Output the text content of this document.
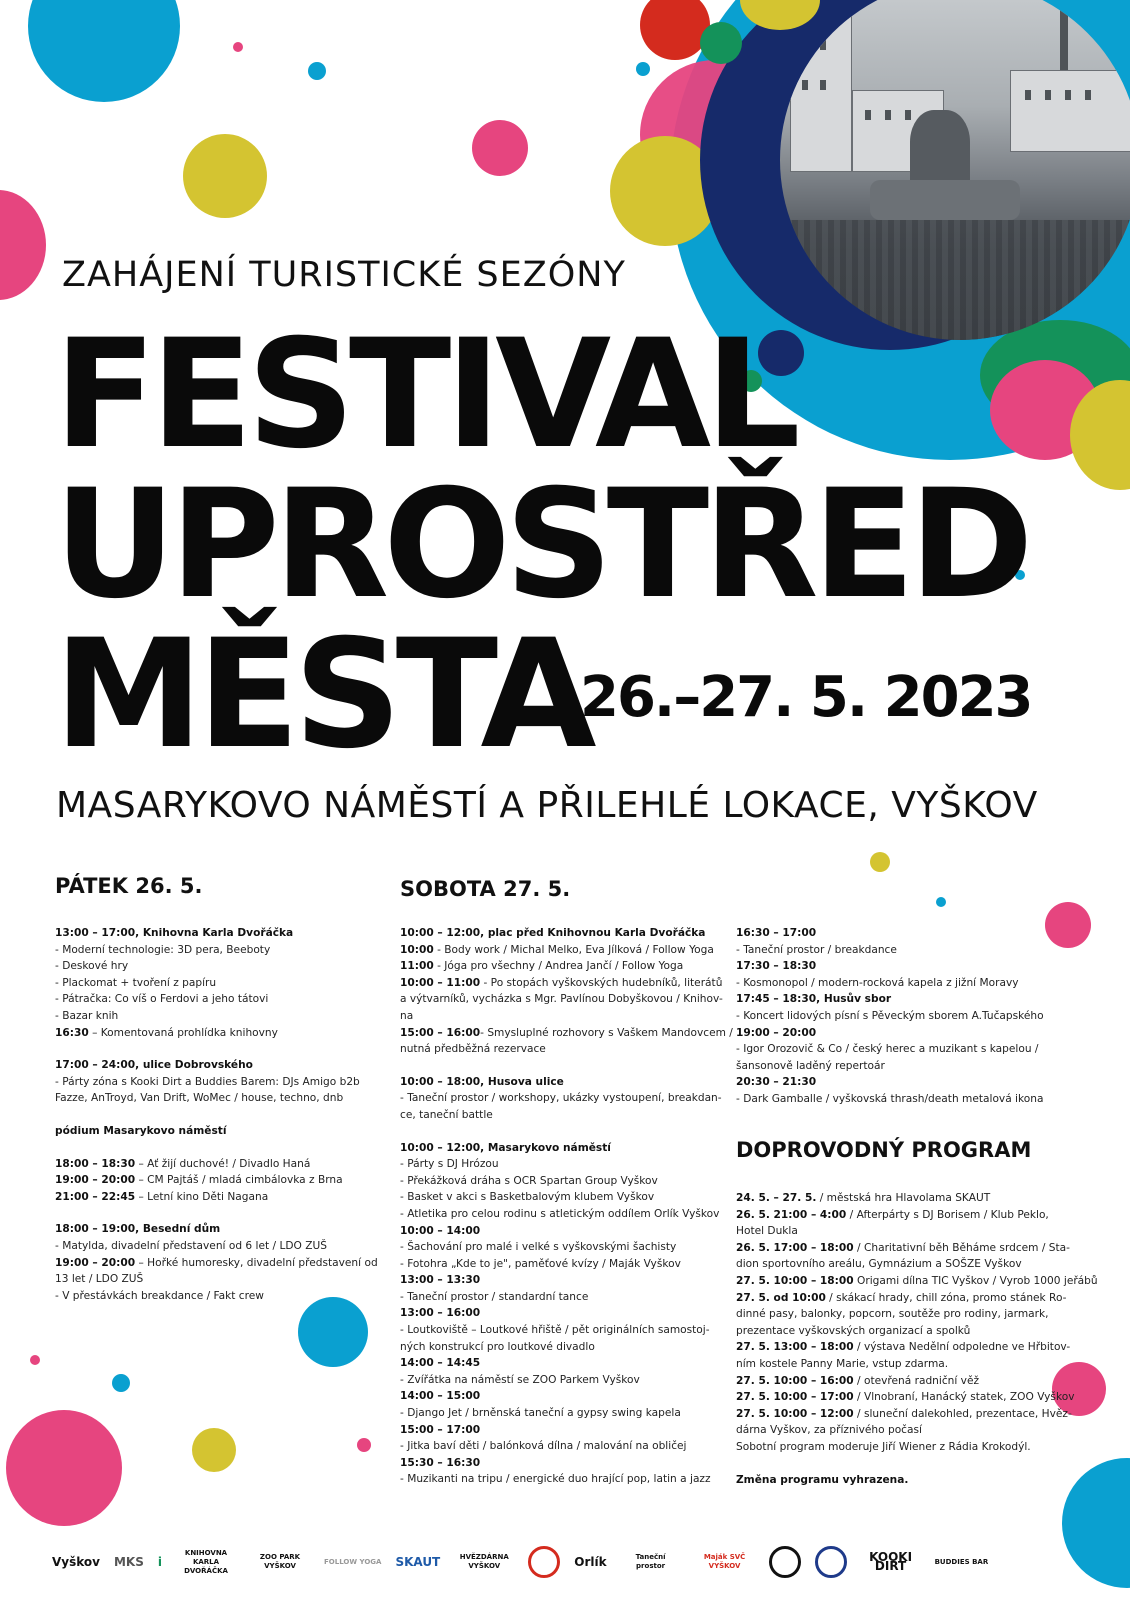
ZAHÁJENÍ TURISTICKÉ SEZÓNY
FESTIVAL
UPROSTŘED
MĚSTA
26.–27. 5. 2023
MASARYKOVO NÁMĚSTÍ A PŘILEHLÉ LOKACE, VYŠKOV
PÁTEK 26. 5.	SOBOTA 27. 5.
DOPROVODNÝ PROGRAM

13:00 – 17:00, Knihovna Karla Dvořáčka

- Moderní technologie: 3D pera, Beeboty

- Deskové hry

- Plackomat + tvoření z papíru

- Pátračka: Co víš o Ferdovi a jeho tátovi

- Bazar knih

16:30 – Komentovaná prohlídka knihovny

17:00 – 24:00, ulice Dobrovského

- Párty zóna s Kooki Dirt a Buddies Barem: DJs Amigo b2b

Fazze, AnTroyd, Van Drift, WoMec / house, techno, dnb

pódium Masarykovo náměstí

18:00 – 18:30 – Ať žijí duchové! / Divadlo Haná

19:00 – 20:00 – CM Pajtáš / mladá cimbálovka z Brna

21:00 – 22:45 – Letní kino Děti Nagana

18:00 – 19:00, Besední dům

- Matylda, divadelní představení od 6 let / LDO ZUŠ

19:00 – 20:00 – Hořké humoresky, divadelní představení od

13 let / LDO ZUŠ

- V přestávkách breakdance / Fakt crew

10:00 – 12:00, plac před Knihovnou Karla Dvořáčka

10:00 - Body work / Michal Melko, Eva Jílková / Follow Yoga

11:00 - Jóga pro všechny / Andrea Jančí / Follow Yoga

10:00 – 11:00 - Po stopách vyškovských hudebníků, literátů

a výtvarníků, vycházka s Mgr. Pavlínou Dobyškovou / Knihov-

na

15:00 – 16:00- Smysluplné rozhovory s Vaškem Mandovcem /

nutná předběžná rezervace

10:00 – 18:00, Husova ulice

- Taneční prostor / workshopy, ukázky vystoupení, breakdan-

ce, taneční battle

10:00 – 12:00, Masarykovo náměstí

- Párty s DJ Hrózou

- Překážková dráha s OCR Spartan Group Vyškov

- Basket v akci s Basketbalovým klubem Vyškov

- Atletika pro celou rodinu s atletickým oddílem Orlík Vyškov

10:00 – 14:00

- Šachování pro malé i velké s vyškovskými šachisty

- Fotohra „Kde to je", paměťové kvízy / Maják Vyškov

13:00 – 13:30

- Taneční prostor / standardní tance

13:00 – 16:00

- Loutkoviště – Loutkové hřiště / pět originálních samostoj-

ných konstrukcí pro loutkové divadlo

14:00 – 14:45

- Zvířátka na náměstí se ZOO Parkem Vyškov

14:00 – 15:00

- Django Jet / brněnská taneční a gypsy swing kapela

15:00 – 17:00

- Jitka baví děti / balónková dílna / malování na obličej

15:30 – 16:30

- Muzikanti na tripu / energické duo hrající pop, latin a jazz

16:30 – 17:00

- Taneční prostor / breakdance

17:30 – 18:30

- Kosmonopol / modern-rocková kapela z jižní Moravy

17:45 – 18:30, Husův sbor

- Koncert lidových písní s Pěveckým sborem A.Tučapského

19:00 – 20:00

- Igor Orozovič & Co / český herec a muzikant s kapelou /

šansonově laděný repertoár

20:30 – 21:30

- Dark Gamballe / vyškovská thrash/death metalová ikona

24. 5. – 27. 5. / městská hra Hlavolama SKAUT

26. 5. 21:00 – 4:00 / Afterpárty s DJ Borisem / Klub Peklo,

Hotel Dukla

26. 5. 17:00 – 18:00 / Charitativní běh Běháme srdcem / Sta-

dion sportovního areálu, Gymnázium a SOŠZE Vyškov

27. 5. 10:00 – 18:00 Origami dílna TIC Vyškov / Vyrob 1000 jeřábů

27. 5. od 10:00 / skákací hrady, chill zóna, promo stánek Ro-

dinné pasy, balonky, popcorn, soutěže pro rodiny, jarmark,

prezentace vyškovských organizací a spolků

27. 5. 13:00 – 18:00 / výstava Nedělní odpoledne ve Hřbitov-

ním kostele Panny Marie, vstup zdarma.

27. 5. 10:00 – 16:00 / otevřená radniční věž

27. 5. 10:00 – 17:00 / Vlnobraní, Hanácký statek, ZOO Vyškov

27. 5. 10:00 – 12:00 / sluneční dalekohled, prezentace, Hvěz-

dárna Vyškov, za příznivého počasí

Sobotní program moderuje Jiří Wiener z Rádia Krokodýl.

Změna programu vyhrazena.

Vyškov MKS i
KNIHOVNA KARLA DVOŘÁČKA
ZOO PARK VYŠKOV
FOLLOW YOGA SKAUT	HVĚZDÁRNA VYŠKOV	Orlík	Taneční prostor
Maják SVČ VYŠKOV
KOOKI DIRT	BUDDIES BAR
